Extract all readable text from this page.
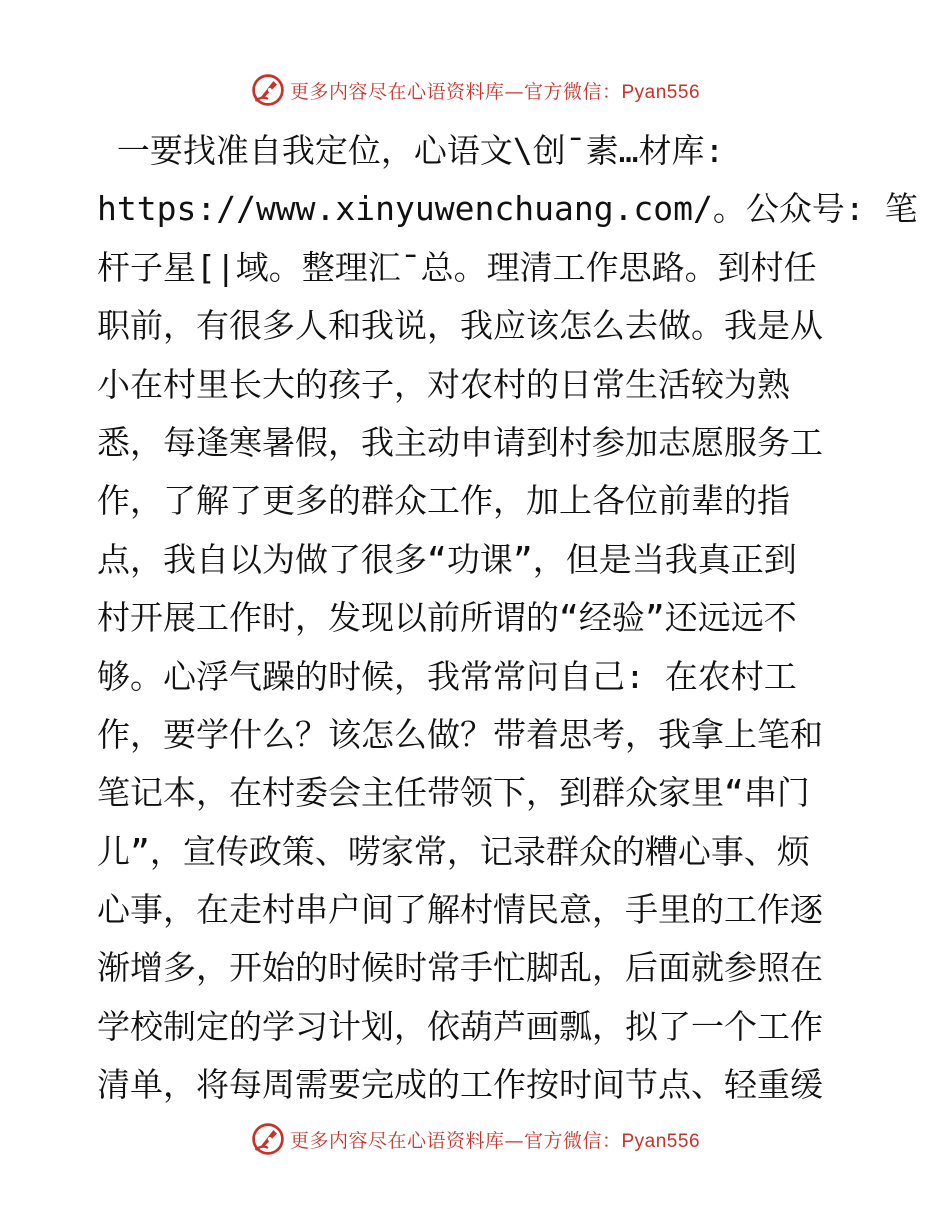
更多内容尽在心语资料库—官方微信：Pyan556
一要找准自我定位，心语文\创¯素…材库:
https://www.xinyuwenchuang.com/。公众号: 笔
杆子星[|域。整理汇¯总。理清工作思路。到村任
职前，有很多人和我说，我应该怎么去做。我是从
小在村里长大的孩子，对农村的日常生活较为熟
悉，每逢寒暑假，我主动申请到村参加志愿服务工
作，了解了更多的群众工作，加上各位前辈的指
点，我自以为做了很多“功课”，但是当我真正到
村开展工作时，发现以前所谓的“经验”还远远不
够。心浮气躁的时候，我常常问自己: 在农村工
作，要学什么？该怎么做？带着思考，我拿上笔和
笔记本，在村委会主任带领下，到群众家里“串门
儿”，宣传政策、唠家常，记录群众的糟心事、烦
心事，在走村串户间了解村情民意，手里的工作逐
渐增多，开始的时候时常手忙脚乱，后面就参照在
学校制定的学习计划，依葫芦画瓢，拟了一个工作
清单，将每周需要完成的工作按时间节点、轻重缓
更多内容尽在心语资料库—官方微信：Pyan556
